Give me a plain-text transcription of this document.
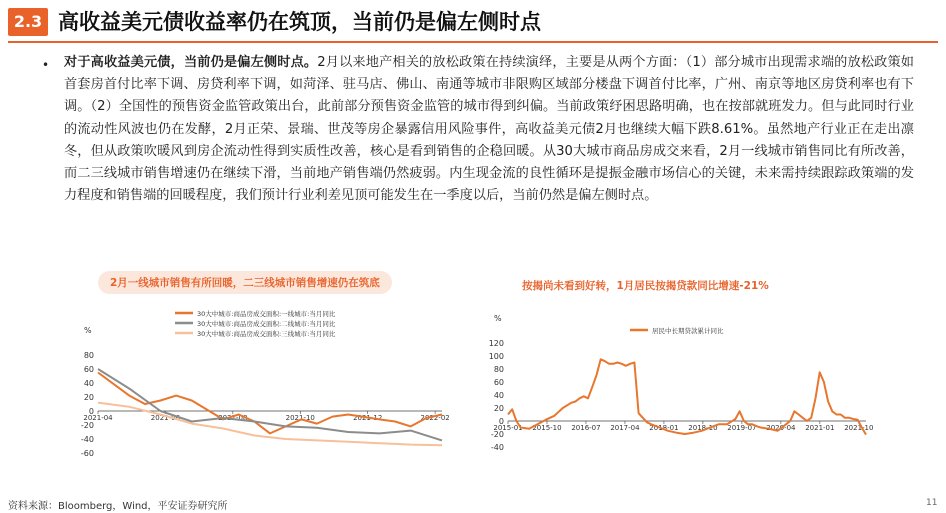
2.3 高收益美元债收益率仍在筑顶，当前仍是偏左侧时点
• 对于高收益美元债，当前仍是偏左侧时点。2月以来地产相关的放松政策在持续演绎，主要是从两个方面：（1）部分城市出现需求端的放松政策如首套房首付比率下调、房贷利率下调，如菏泽、驻马店、佛山、南通等城市非限购区域部分楼盘下调首付比率，广州、南京等地区房贷利率也有下调。（2）全国性的预售资金监管政策出台，此前部分预售资金监管的城市得到纠偏。当前政策纾困思路明确，也在按部就班发力。但与此同时行业的流动性风波也仍在发酵，2月正荣、景瑞、世茂等房企暴露信用风险事件，高收益美元债2月也继续大幅下跌8.61%。虽然地产行业正在走出凛冬，但从政策吹暖风到房企流动性得到实质性改善，核心是看到销售的企稳回暖。从30大城市商品房成交来看，2月一线城市销售同比有所改善，而二三线城市销售增速仍在继续下滑，当前地产销售端仍然疲弱。内生现金流的良性循环是提振金融市场信心的关键，未来需持续跟踪政策端的发力程度和销售端的回暖程度，我们预计行业利差见顶可能发生在一季度以后，当前仍然是偏左侧时点。

2月一线城市销售有所回暖，二三线城市销售增速仍在筑底
%
80
60
40
20
0
-20
-40
-60
2021-04	2021-06	2021-08	2021-10	2021-12	2022-02
30大中城市:商品房成交面积:一线城市:当月同比
30大中城市:商品房成交面积:二线城市:当月同比
30大中城市:商品房成交面积:三线城市:当月同比
按揭尚未看到好转，1月居民按揭贷款同比增速-21%
%
120
100
80
60
40
20
0
-20
-40
2015-01 2015-10 2016-07 2017-04 2018-01 2018-10 2019-07 2020-04 2021-01 2021-10
居民中长期贷款累计同比
资料来源：Bloomberg，Wind，平安证券研究所	11
